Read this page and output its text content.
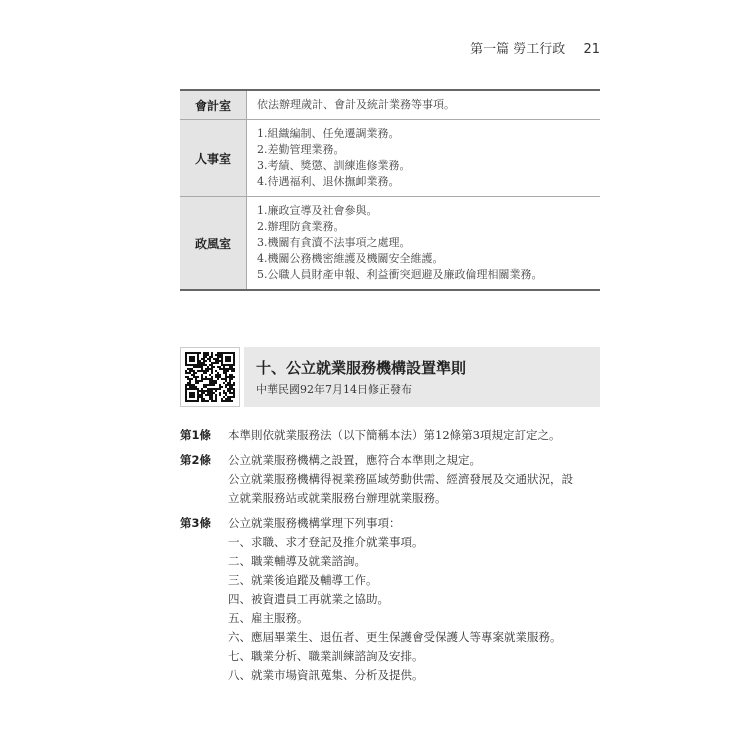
第一篇 勞工行政 21
會計室	依法辦理歲計、會計及統計業務等事項。

人事室	1.組織編制、任免遷調業務。
2.差勤管理業務。
3.考績、獎懲、訓練進修業務。
4.待遇福利、退休撫卹業務。

政風室	1.廉政宣導及社會參與。
2.辦理防貪業務。
3.機關有貪瀆不法事項之處理。
4.機關公務機密維護及機關安全維護。
5.公職人員財產申報、利益衝突迴避及廉政倫理相關業務。
十、公立就業服務機構設置準則
中華民國92年7月14日修正發布
第1條 本準則依就業服務法（以下簡稱本法）第12條第3項規定訂定之。
第2條 公立就業服務機構之設置，應符合本準則之規定。
公立就業服務機構得視業務區域勞動供需、經濟發展及交通狀況，設
立就業服務站或就業服務台辦理就業服務。
第3條 公立就業服務機構掌理下列事項：
一、求職、求才登記及推介就業事項。
二、職業輔導及就業諮詢。
三、就業後追蹤及輔導工作。
四、被資遣員工再就業之協助。
五、雇主服務。
六、應屆畢業生、退伍者、更生保護會受保護人等專案就業服務。
七、職業分析、職業訓練諮詢及安排。
八、就業市場資訊蒐集、分析及提供。
